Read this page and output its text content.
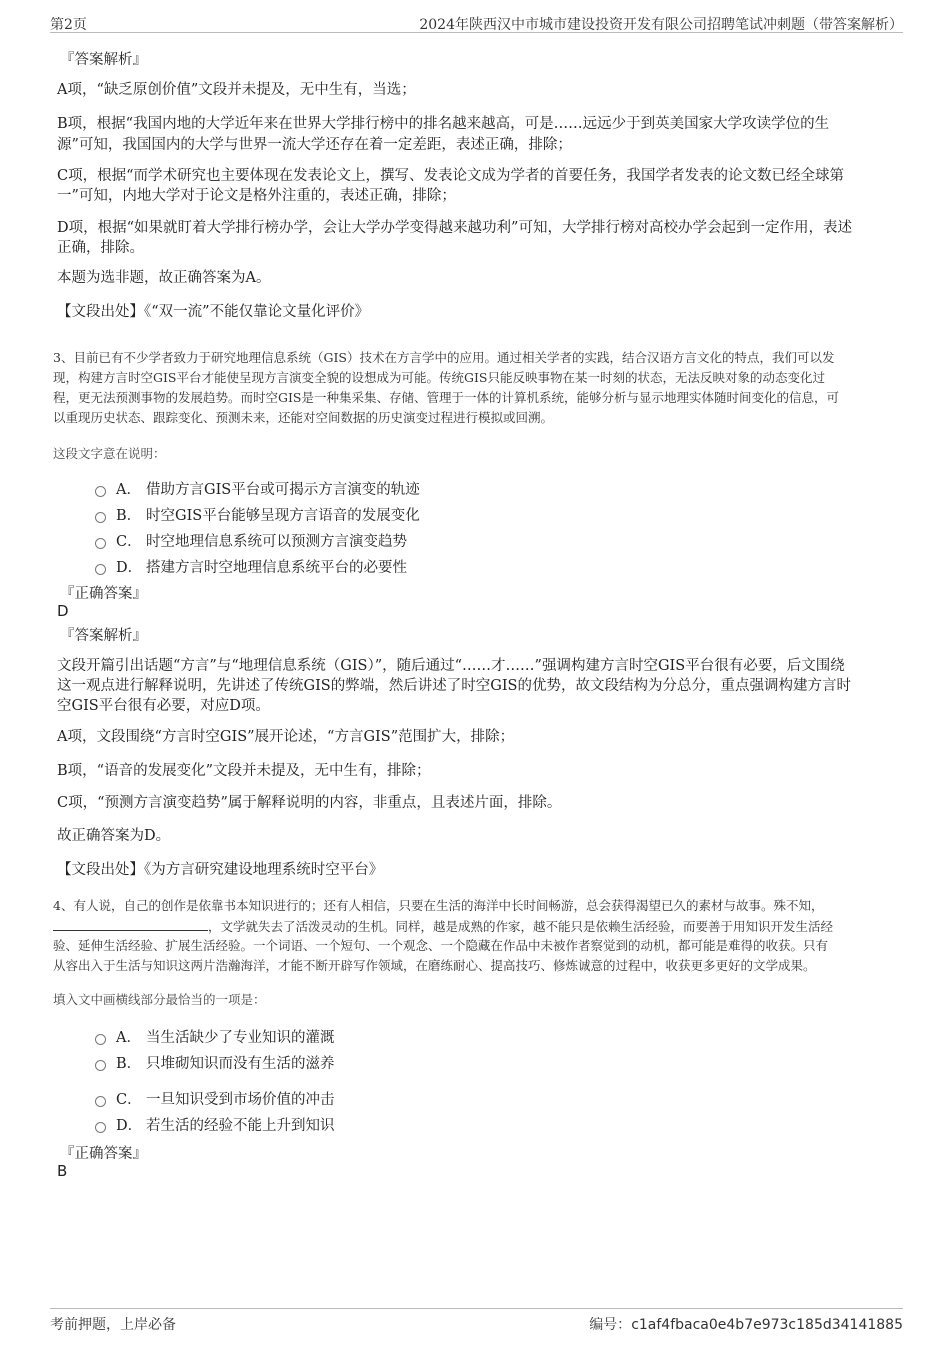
第2页	2024年陕西汉中市城市建设投资开发有限公司招聘笔试冲刺题（带答案解析）
『答案解析』
A项，“缺乏原创价值”文段并未提及，无中生有，当选；
B项，根据“我国内地的大学近年来在世界大学排行榜中的排名越来越高，可是……远远少于到英美国家大学攻读学位的生
源”可知，我国国内的大学与世界一流大学还存在着一定差距，表述正确，排除；
C项，根据“而学术研究也主要体现在发表论文上，撰写、发表论文成为学者的首要任务，我国学者发表的论文数已经全球第
一”可知，内地大学对于论文是格外注重的，表述正确，排除；
D项，根据“如果就盯着大学排行榜办学，会让大学办学变得越来越功利”可知，大学排行榜对高校办学会起到一定作用，表述
正确，排除。
本题为选非题，故正确答案为A。
【文段出处】《“双一流”不能仅靠论文量化评价》
3、目前已有不少学者致力于研究地理信息系统（GIS）技术在方言学中的应用。通过相关学者的实践，结合汉语方言文化的特点，我们可以发
现，构建方言时空GIS平台才能使呈现方言演变全貌的设想成为可能。传统GIS只能反映事物在某一时刻的状态，无法反映对象的动态变化过
程，更无法预测事物的发展趋势。而时空GIS是一种集采集、存储、管理于一体的计算机系统，能够分析与显示地理实体随时间变化的信息，可
以重现历史状态、跟踪变化、预测未来，还能对空间数据的历史演变过程进行模拟或回溯。
这段文字意在说明：
A． 借助方言GIS平台或可揭示方言演变的轨迹
B． 时空GIS平台能够呈现方言语音的发展变化
C． 时空地理信息系统可以预测方言演变趋势
D． 搭建方言时空地理信息系统平台的必要性
『正确答案』
D
『答案解析』
文段开篇引出话题“方言”与“地理信息系统（GIS）”，随后通过“……才……”强调构建方言时空GIS平台很有必要，后文围绕
这一观点进行解释说明，先讲述了传统GIS的弊端，然后讲述了时空GIS的优势，故文段结构为分总分，重点强调构建方言时
空GIS平台很有必要，对应D项。
A项，文段围绕“方言时空GIS”展开论述，“方言GIS”范围扩大，排除；
B项，“语音的发展变化”文段并未提及，无中生有，排除；
C项，“预测方言演变趋势”属于解释说明的内容，非重点，且表述片面，排除。
故正确答案为D。
【文段出处】《为方言研究建设地理系统时空平台》
4、有人说，自己的创作是依靠书本知识进行的；还有人相信，只要在生活的海洋中长时间畅游，总会获得渴望已久的素材与故事。殊不知，
，文学就失去了活泼灵动的生机。同样，越是成熟的作家，越不能只是依赖生活经验，而要善于用知识开发生活经
验、延伸生活经验、扩展生活经验。一个词语、一个短句、一个观念、一个隐藏在作品中未被作者察觉到的动机，都可能是难得的收获。只有
从容出入于生活与知识这两片浩瀚海洋，才能不断开辟写作领域，在磨练耐心、提高技巧、修炼诚意的过程中，收获更多更好的文学成果。
填入文中画横线部分最恰当的一项是：
A． 当生活缺少了专业知识的灌溉
B． 只堆砌知识而没有生活的滋养
C． 一旦知识受到市场价值的冲击
D． 若生活的经验不能上升到知识
『正确答案』
B
考前押题，上岸必备	编号：c1af4fbaca0e4b7e973c185d34141885
